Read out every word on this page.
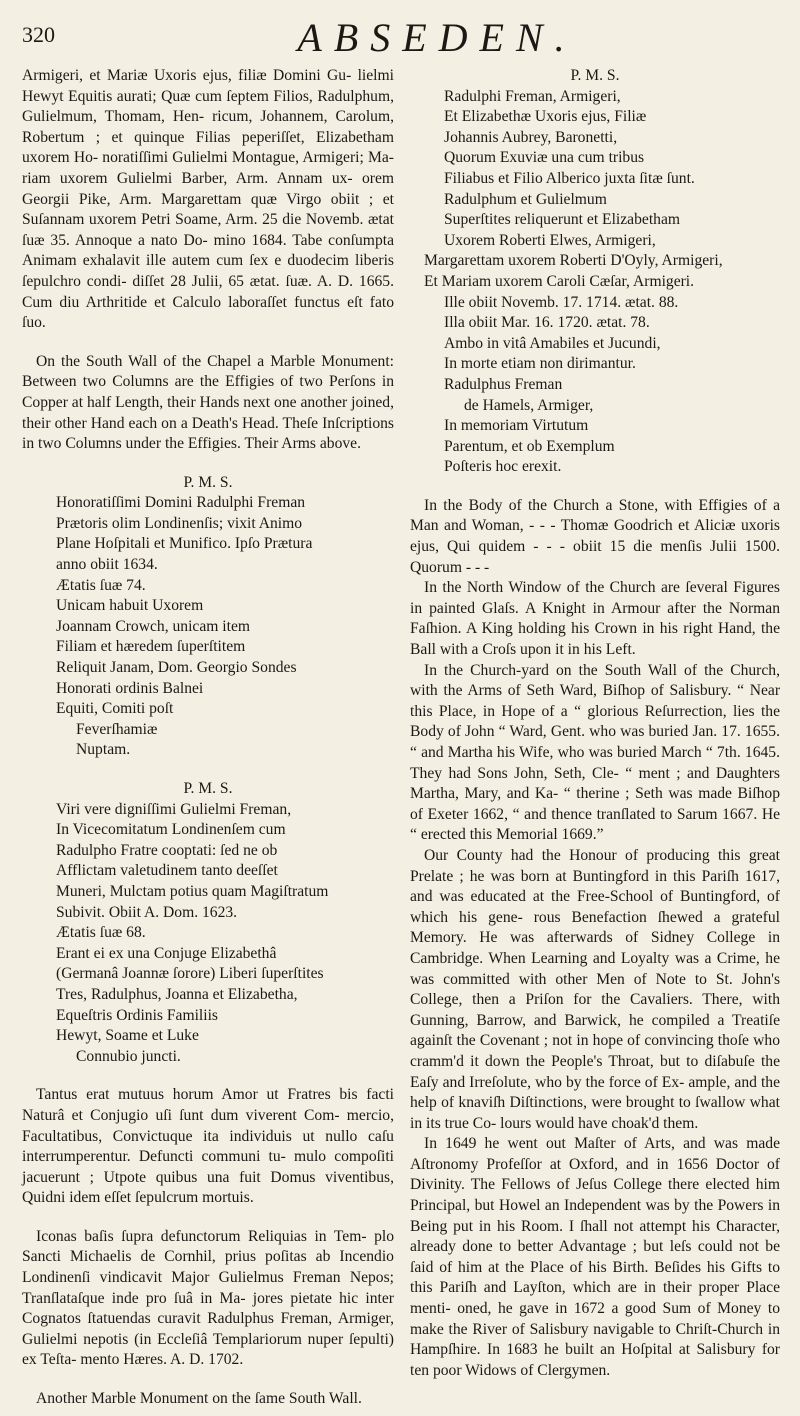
320	ABSEDEN.

Armigeri, et Mariæ Uxoris ejus, filiæ Domini Gu- lielmi Hewyt Equitis aurati; Quæ cum ſeptem Filios, Radulphum, Gulielmum, Thomam, Hen- ricum, Johannem, Carolum, Robertum ; et quinque Filias peperiſſet, Elizabetham uxorem Ho- noratiſſimi Gulielmi Montague, Armigeri; Ma- riam uxorem Gulielmi Barber, Arm. Annam ux- orem Georgii Pike, Arm. Margarettam quæ Virgo obiit ; et Suſannam uxorem Petri Soame, Arm. 25 die Novemb. ætat ſuæ 35. Annoque a nato Do- mino 1684. Tabe conſumpta Animam exhalavit ille autem cum ſex e duodecim liberis ſepulchro condi- diſſet 28 Julii, 65 ætat. ſuæ. A. D. 1665. Cum diu Arthritide et Calculo laboraſſet functus eſt fato ſuo.

On the South Wall of the Chapel a Marble Monument: Between two Columns are the Effigies of two Perſons in Copper at half Length, their Hands next one another joined, their other Hand each on a Death's Head. Theſe Inſcriptions in two Columns under the Effigies. Their Arms above.

P. M. S.
Honoratiſſimi Domini Radulphi Freman
Prætoris olim Londinenſis; vixit Animo
Plane Hoſpitali et Munifico. Ipſo Prætura
anno obiit 1634.
Ætatis ſuæ 74.
Unicam habuit Uxorem
Joannam Crowch, unicam item
Filiam et hæredem ſuperſtitem
Reliquit Janam, Dom. Georgio Sondes
Honorati ordinis Balnei
Equiti, Comiti poſt
Feverſhamiæ
Nuptam.
P. M. S.
Viri vere digniſſimi Gulielmi Freman,
In Vicecomitatum Londinenſem cum
Radulpho Fratre cooptati: ſed ne ob
Afflictam valetudinem tanto deeſſet
Muneri, Mulctam potius quam Magiſtratum
Subivit. Obiit A. Dom. 1623.
Ætatis ſuæ 68.
Erant ei ex una Conjuge Elizabethâ
(Germanâ Joannæ ſorore) Liberi ſuperſtites
Tres, Radulphus, Joanna et Elizabetha,
Equeſtris Ordinis Familiis
Hewyt, Soame et Luke
Connubio juncti.

Tantus erat mutuus horum Amor ut Fratres bis facti Naturâ et Conjugio uſi ſunt dum viverent Com- mercio, Facultatibus, Convictuque ita individuis ut nullo caſu interrumperentur. Defuncti communi tu- mulo compoſiti jacuerunt ; Utpote quibus una fuit Domus viventibus, Quidni idem eſſet ſepulcrum mortuis.

Iconas baſis ſupra defunctorum Reliquias in Tem- plo Sancti Michaelis de Cornhil, prius poſitas ab Incendio Londinenſi vindicavit Major Gulielmus Freman Nepos; Tranſlataſque inde pro ſuâ in Ma- jores pietate hic inter Cognatos ſtatuendas curavit Radulphus Freman, Armiger, Gulielmi nepotis (in Eccleſiâ Templariorum nuper ſepulti) ex Teſta- mento Hæres. A. D. 1702.

Another Marble Monument on the ſame South Wall.

P. M. S.
Radulphi Freman, Armigeri,
Et Elizabethæ Uxoris ejus, Filiæ
Johannis Aubrey, Baronetti,
Quorum Exuviæ una cum tribus
Filiabus et Filio Alberico juxta ſitæ ſunt.
Radulphum et Gulielmum
Superſtites reliquerunt et Elizabetham
Uxorem Roberti Elwes, Armigeri,
Margarettam uxorem Roberti D'Oyly, Armigeri,
Et Mariam uxorem Caroli Cæſar, Armigeri.
Ille obiit Novemb. 17. 1714. ætat. 88.
Illa obiit Mar. 16. 1720. ætat. 78.
Ambo in vitâ Amabiles et Jucundi,
In morte etiam non dirimantur.
Radulphus Freman
de Hamels, Armiger,
In memoriam Virtutum
Parentum, et ob Exemplum
Poſteris hoc erexit.

In the Body of the Church a Stone, with Effigies of a Man and Woman, - - - Thomæ Goodrich et Aliciæ uxoris ejus, Qui quidem - - - obiit 15 die menſis Julii 1500. Quorum - - -

In the North Window of the Church are ſeveral Figures in painted Glaſs. A Knight in Armour after the Norman Faſhion. A King holding his Crown in his right Hand, the Ball with a Croſs upon it in his Left.

In the Church-yard on the South Wall of the Church, with the Arms of Seth Ward, Biſhop of Salisbury. “ Near this Place, in Hope of a “ glorious Reſurrection, lies the Body of John “ Ward, Gent. who was buried Jan. 17. 1655. “ and Martha his Wife, who was buried March “ 7th. 1645. They had Sons John, Seth, Cle- “ ment ; and Daughters Martha, Mary, and Ka- “ therine ; Seth was made Biſhop of Exeter 1662, “ and thence tranſlated to Sarum 1667. He “ erected this Memorial 1669.”

Our County had the Honour of producing this great Prelate ; he was born at Buntingford in this Pariſh 1617, and was educated at the Free-School of Buntingford, of which his gene- rous Benefaction ſhewed a grateful Memory. He was afterwards of Sidney College in Cambridge. When Learning and Loyalty was a Crime, he was committed with other Men of Note to St. John's College, then a Priſon for the Cavaliers. There, with Gunning, Barrow, and Barwick, he compiled a Treatiſe againſt the Covenant ; not in hope of convincing thoſe who cramm'd it down the People's Throat, but to diſabuſe the Eaſy and Irreſolute, who by the force of Ex- ample, and the help of knaviſh Diſtinctions, were brought to ſwallow what in its true Co- lours would have choak'd them.

In 1649 he went out Maſter of Arts, and was made Aſtronomy Profeſſor at Oxford, and in 1656 Doctor of Divinity. The Fellows of Jeſus College there elected him Principal, but Howel an Independent was by the Powers in Being put in his Room. I ſhall not attempt his Character, already done to better Advantage ; but leſs could not be ſaid of him at the Place of his Birth. Beſides his Gifts to this Pariſh and Layſton, which are in their proper Place menti- oned, he gave in 1672 a good Sum of Money to make the River of Salisbury navigable to Chriſt-Church in Hampſhire. In 1683 he built an Hoſpital at Salisbury for ten poor Widows of Clergymen.
